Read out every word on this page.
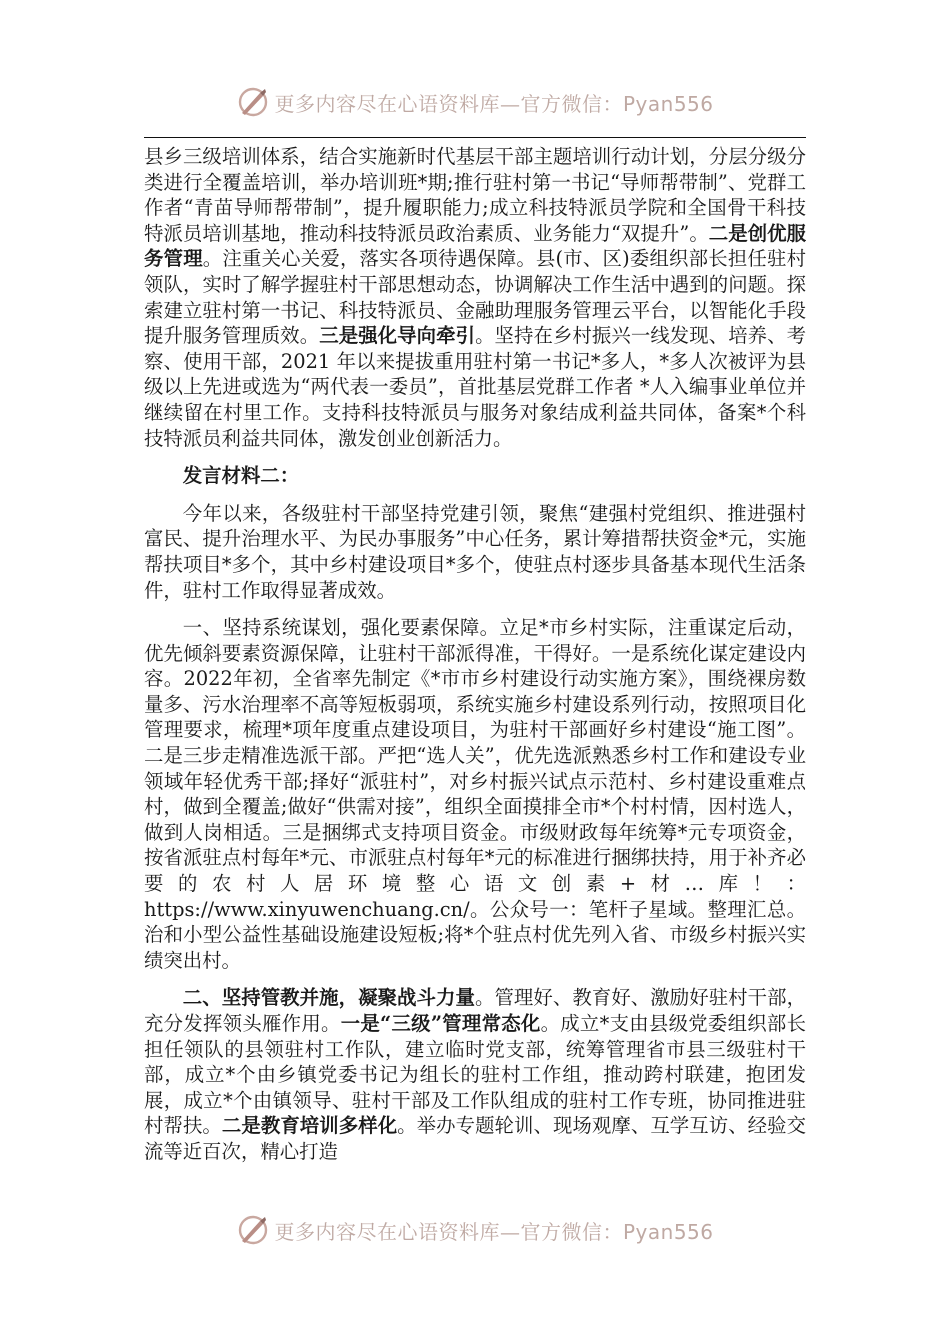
更多内容尽在心语资料库—官方微信：Pyan556

县乡三级培训体系，结合实施新时代基层干部主题培训行动计划，分层分级分类进行全覆盖培训，举办培训班*期;推行驻村第一书记“导师帮带制”、党群工作者“青苗导师帮带制”，提升履职能力;成立科技特派员学院和全国骨干科技特派员培训基地，推动科技特派员政治素质、业务能力“双提升”。二是创优服务管理。注重关心关爱，落实各项待遇保障。县(市、区)委组织部长担任驻村领队，实时了解学握驻村干部思想动态，协调解决工作生活中遇到的问题。探索建立驻村第一书记、科技特派员、金融助理服务管理云平台，以智能化手段提升服务管理质效。三是强化导向牵引。坚持在乡村振兴一线发现、培养、考察、使用干部，2021 年以来提拔重用驻村第一书记*多人，*多人次被评为县级以上先进或选为“两代表一委员”，首批基层党群工作者 *人入编事业单位并继续留在村里工作。支持科技特派员与服务对象结成利益共同体，备案*个科技特派员利益共同体，激发创业创新活力。

发言材料二：

今年以来，各级驻村干部坚持党建引领，聚焦“建强村党组织、推进强村富民、提升治理水平、为民办事服务”中心任务，累计筹措帮扶资金*元，实施帮扶项目*多个，其中乡村建设项目*多个，使驻点村逐步具备基本现代生活条件，驻村工作取得显著成效。

一、坚持系统谋划，强化要素保障。立足*市乡村实际，注重谋定后动，优先倾斜要素资源保障，让驻村干部派得准，干得好。一是系统化谋定建设内容。2022年初，全省率先制定《*市市乡村建设行动实施方案》，围绕裸房数量多、污水治理率不高等短板弱项，系统实施乡村建设系列行动，按照项目化管理要求，梳理*项年度重点建设项目，为驻村干部画好乡村建设“施工图”。二是三步走精准选派干部。严把“选人关”，优先选派熟悉乡村工作和建设专业领域年轻优秀干部;择好“派驻村”，对乡村振兴试点示范村、乡村建设重难点村，做到全覆盖;做好“供需对接”，组织全面摸排全市*个村村情，因村选人，做到人岗相适。三是捆绑式支持项目资金。市级财政每年统筹*元专项资金，按省派驻点村每年*元、市派驻点村每年*元的标准进行捆绑扶持，用于补齐必要的农村人居环境整心语文创素+材…库！：https://www.xinyuwenchuang.cn/。公众号一：笔杆子星域。整理汇总。治和小型公益性基础设施建设短板;将*个驻点村优先列入省、市级乡村振兴实绩突出村。

二、坚持管教并施，凝聚战斗力量。管理好、教育好、激励好驻村干部，充分发挥领头雁作用。一是“三级”管理常态化。成立*支由县级党委组织部长担任领队的县领驻村工作队，建立临时党支部，统筹管理省市县三级驻村干部，成立*个由乡镇党委书记为组长的驻村工作组，推动跨村联建，抱团发展，成立*个由镇领导、驻村干部及工作队组成的驻村工作专班，协同推进驻村帮扶。二是教育培训多样化。举办专题轮训、现场观摩、互学互访、经验交流等近百次，精心打造

更多内容尽在心语资料库—官方微信：Pyan556
